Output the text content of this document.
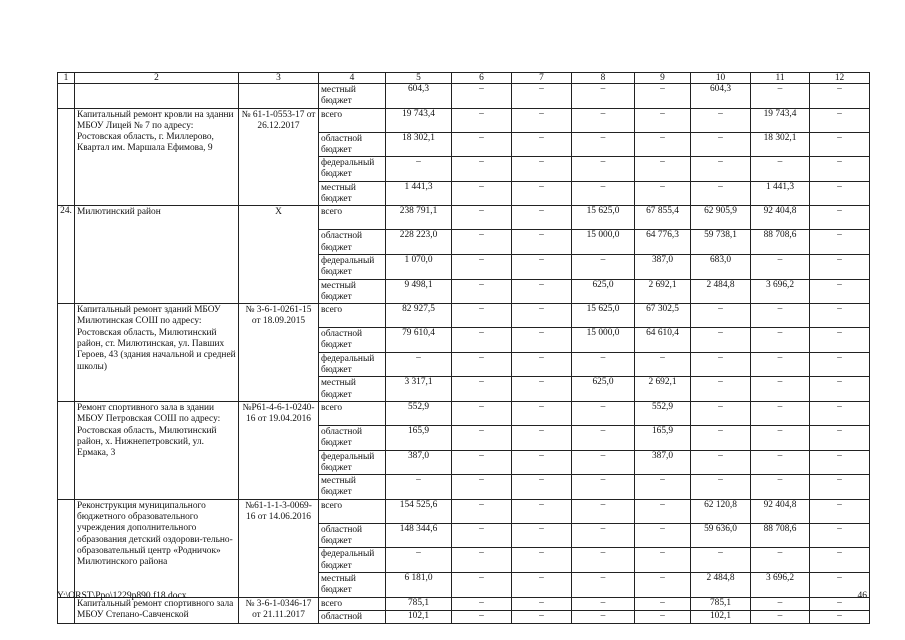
1	2	3	4	5	6	7	8	9	10	11	12
			местный бюджет	604,3	–	–	–	–	604,3	–	–
	Капитальный ремонт кровли на зданни МБОУ Лицей № 7 по адресу: Ростовская область, г. Миллерово, Квартал им. Маршала Ефимова, 9	№ 61-1-0553-17 от 26.12.2017	всего	19 743,4	–	–	–	–	–	19 743,4	–
			областной бюджет	18 302,1	–	–	–	–	–	18 302,1	–
			федеральный бюджет	–	–	–	–	–	–	–	–
			местный бюджет	1 441,3	–	–	–	–	–	1 441,3	–
24.	Милютинский район	Х	всего	238 791,1	–	–	15 625,0	67 855,4	62 905,9	92 404,8	–
			областной бюджет	228 223,0	–	–	15 000,0	64 776,3	59 738,1	88 708,6	–
			федеральный бюджет	1 070,0	–	–	–	387,0	683,0	–	–
			местный бюджет	9 498,1	–	–	625,0	2 692,1	2 484,8	3 696,2	–
	Капитальный ремонт зданий МБОУ Милютинская СОШ по адресу: Ростовская область, Милютинский район, ст. Милютинская, ул. Павших Героев, 43 (здания начальной и средней школы)	№ 3-6-1-0261-15 от 18.09.2015	всего	82 927,5	–	–	15 625,0	67 302,5	–	–	–
			областной бюджет	79 610,4	–	–	15 000,0	64 610,4	–	–	–
			федеральный бюджет	–	–	–	–	–	–	–	–
			местный бюджет	3 317,1	–	–	625,0	2 692,1	–	–	–
	Ремонт спортивного зала в здании МБОУ Петровская СОШ по адресу: Ростовская область, Милютинский район, х. Нижнепетровский, ул. Ермака, 3	№Р61-4-6-1-0240-16 от 19.04.2016	всего	552,9	–	–	–	552,9	–	–	–
			областной бюджет	165,9	–	–	–	165,9	–	–	–
			федеральный бюджет	387,0	–	–	–	387,0	–	–	–
			местный бюджет	–	–	–	–	–	–	–	–
	Реконструкция муниципального бюджетного образовательного учреждения дополнительного образования детский оздорови-тельно-образовательный центр «Родничок» Милютинского района	№61-1-1-3-0069-16 от 14.06.2016	всего	154 525,6	–	–	–	–	62 120,8	92 404,8	–
			областной бюджет	148 344,6	–	–	–	–	59 636,0	88 708,6	–
			федеральный бюджет	–	–	–	–	–	–	–	–
			местный бюджет	6 181,0	–	–	–	–	2 484,8	3 696,2	–
	Капитальный ремонт спортивного зала МБОУ Степано-Савченской	№ 3-6-1-0346-17 от 21.11.2017	всего	785,1	–	–	–	–	785,1	–	–
			областной	102,1	–	–	–	–	102,1	–	–
Y:\ORST\Ppo\1229p890.f18.docx	46
